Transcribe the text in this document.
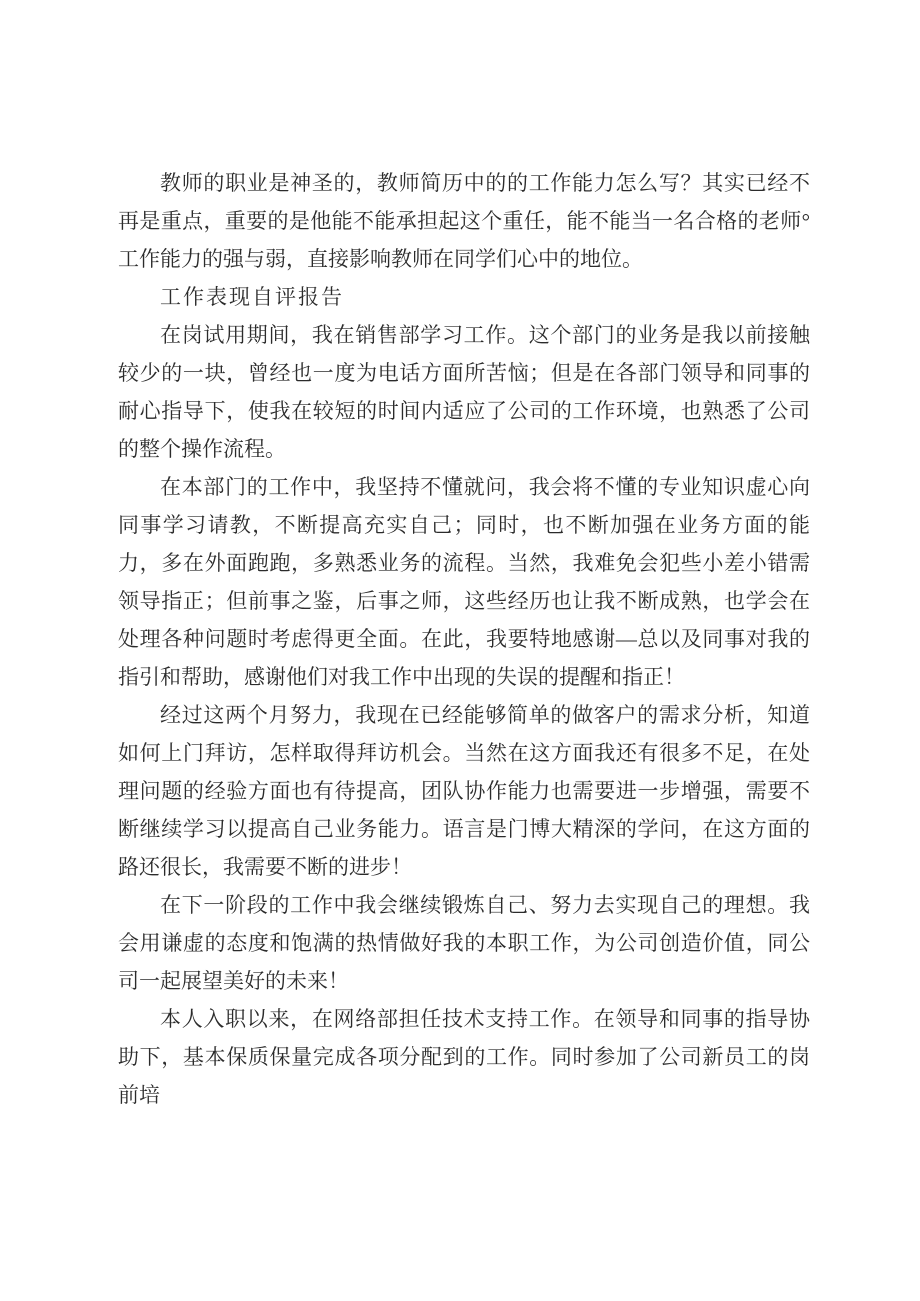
教师的职业是神圣的，教师简历中的的工作能力怎么写？其实已经不再是重点，重要的是他能不能承担起这个重任，能不能当一名合格的老师° 工作能力的强与弱，直接影响教师在同学们心中的地位。

工作表现自评报告

在岗试用期间，我在销售部学习工作。这个部门的业务是我以前接触较少的一块，曾经也一度为电话方面所苦恼；但是在各部门领导和同事的耐心指导下，使我在较短的时间内适应了公司的工作环境，也熟悉了公司的整个操作流程。

在本部门的工作中，我坚持不懂就问，我会将不懂的专业知识虚心向同事学习请教，不断提高充实自己；同时，也不断加强在业务方面的能力，多在外面跑跑，多熟悉业务的流程。当然，我难免会犯些小差小错需领导指正；但前事之鉴，后事之师，这些经历也让我不断成熟，也学会在处理各种问题时考虑得更全面。在此，我要特地感谢—总以及同事对我的指引和帮助，感谢他们对我工作中出现的失误的提醒和指正！

经过这两个月努力，我现在已经能够简单的做客户的需求分析，知道如何上门拜访，怎样取得拜访机会。当然在这方面我还有很多不足，在处理问题的经验方面也有待提高，团队协作能力也需要进一步增强，需要不断继续学习以提高自己业务能力。语言是门博大精深的学问，在这方面的路还很长，我需要不断的进步！

在下一阶段的工作中我会继续锻炼自己、努力去实现自己的理想。我会用谦虚的态度和饱满的热情做好我的本职工作，为公司创造价值，同公司一起展望美好的未来！

本人入职以来，在网络部担任技术支持工作。在领导和同事的指导协助下，基本保质保量完成各项分配到的工作。同时参加了公司新员工的岗前培
